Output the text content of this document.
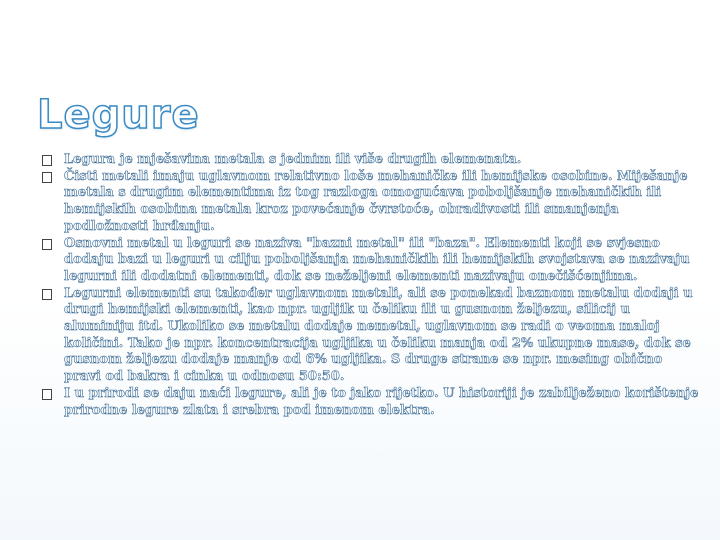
Legure
Legura je mješavina metala s jednim ili više drugih elemenata.
Čisti metali imaju uglavnom relativno loše mehaničke ili hemijske osobine. Miješanje metala s drugim elementima iz tog razloga omogućava poboljšanje mehaničkih ili hemijskih osobina metala kroz povećanje čvrstoće, obradivosti ili smanjenja podložnosti hrđanju.
Osnovni metal u leguri se naziva "bazni metal" ili "baza". Elementi koji se svjesno dodaju bazi u leguri u cilju poboljšanja mehaničkih ili hemijskih svojstava se nazivaju legurni ili dodatni elementi, dok se neželjeni elementi nazivaju onečišćenjima.
Legurni elementi su također uglavnom metali, ali se ponekad baznom metalu dodaji u drugi hemijski elementi, kao npr. ugljik u čeliku ili u gusnom željezu, silicij u aluminiju itd. Ukoliko se metalu dodaje nemetal, uglavnom se radi o veoma maloj količini. Tako je npr. koncentracija ugljika u čeliku manja od 2% ukupne mase, dok se gusnom željezu dodaje manje od 6% ugljika. S druge strane se npr. mesing obično pravi od bakra i cinka u odnosu 50:50.
I u prirodi se daju naći legure, ali je to jako rijetko. U historiji je zabilježeno korištenje prirodne legure zlata i srebra pod imenom elektra.
